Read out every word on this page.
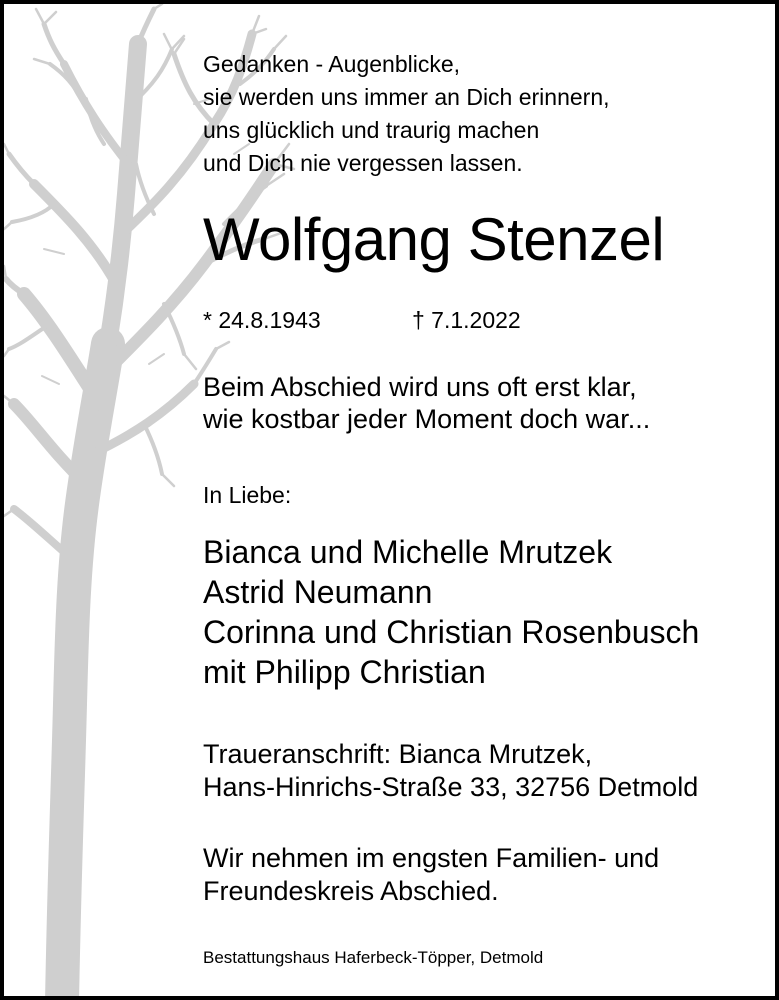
Gedanken - Augenblicke,
sie werden uns immer an Dich erinnern,
uns glücklich und traurig machen
und Dich nie vergessen lassen.
Wolfgang Stenzel
* 24.8.1943	† 7.1.2022
Beim Abschied wird uns oft erst klar,
wie kostbar jeder Moment doch war...
In Liebe:
Bianca und Michelle Mrutzek
Astrid Neumann
Corinna und Christian Rosenbusch
mit Philipp Christian
Traueranschrift: Bianca Mrutzek,
Hans-Hinrichs-Straße 33, 32756 Detmold
Wir nehmen im engsten Familien- und
Freundeskreis Abschied.
Bestattungshaus Haferbeck-Töpper, Detmold
